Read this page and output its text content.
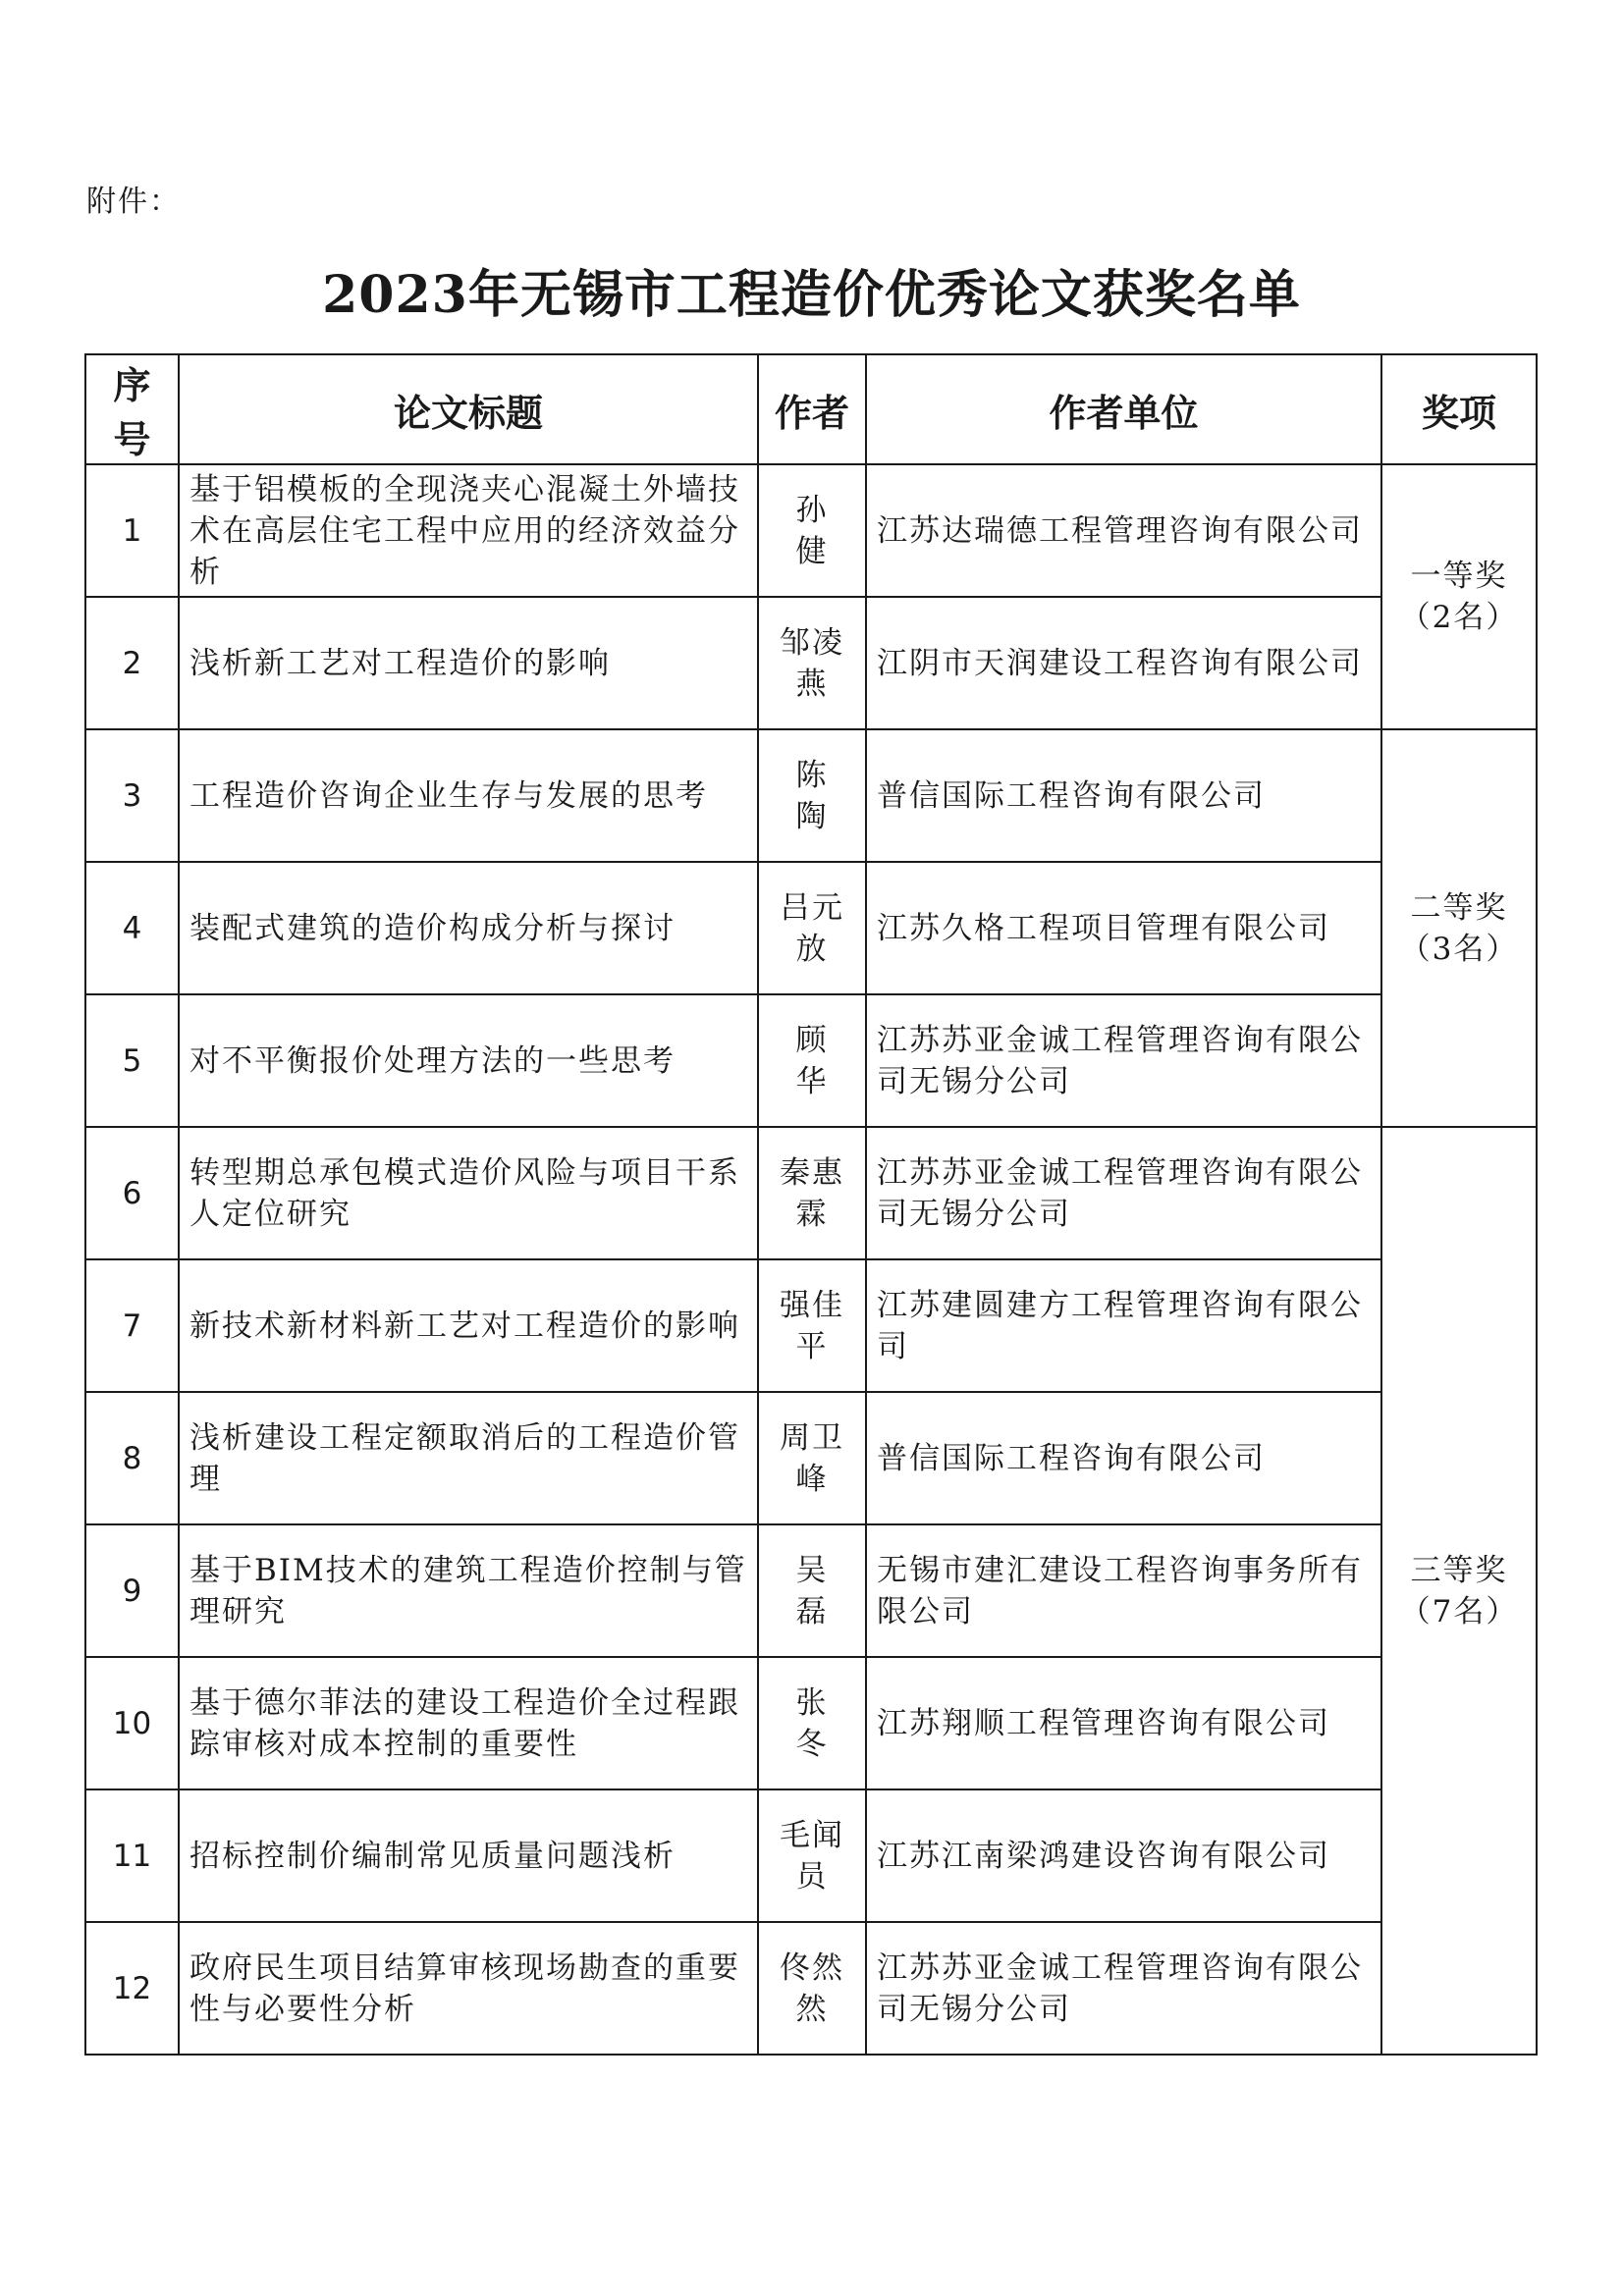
附件：
2023年无锡市工程造价优秀论文获奖名单
序号	论文标题	作者	作者单位	奖项
1	基于铝模板的全现浇夹心混凝土外墙技术在高层住宅工程中应用的经济效益分析	孙　健	江苏达瑞德工程管理咨询有限公司	一等奖
（2名）

2	浅析新工艺对工程造价的影响	邹凌燕	江阴市天润建设工程咨询有限公司	
3	工程造价咨询企业生存与发展的思考	陈　陶	普信国际工程咨询有限公司	二等奖
（3名）

4	装配式建筑的造价构成分析与探讨	吕元放	江苏久格工程项目管理有限公司	
5	对不平衡报价处理方法的一些思考	顾　华	江苏苏亚金诚工程管理咨询有限公司无锡分公司	
6	转型期总承包模式造价风险与项目干系人定位研究	秦惠霖	江苏苏亚金诚工程管理咨询有限公司无锡分公司	三等奖
（7名）

7	新技术新材料新工艺对工程造价的影响	强佳平	江苏建圆建方工程管理咨询有限公司	
8	浅析建设工程定额取消后的工程造价管理	周卫峰	普信国际工程咨询有限公司	
9	基于BIM技术的建筑工程造价控制与管理研究	吴　磊	无锡市建汇建设工程咨询事务所有限公司	
10	基于德尔菲法的建设工程造价全过程跟踪审核对成本控制的重要性	张　冬	江苏翔顺工程管理咨询有限公司	
11	招标控制价编制常见质量问题浅析	毛闻员	江苏江南梁鸿建设咨询有限公司	
12	政府民生项目结算审核现场勘查的重要性与必要性分析	佟然然	江苏苏亚金诚工程管理咨询有限公司无锡分公司	
